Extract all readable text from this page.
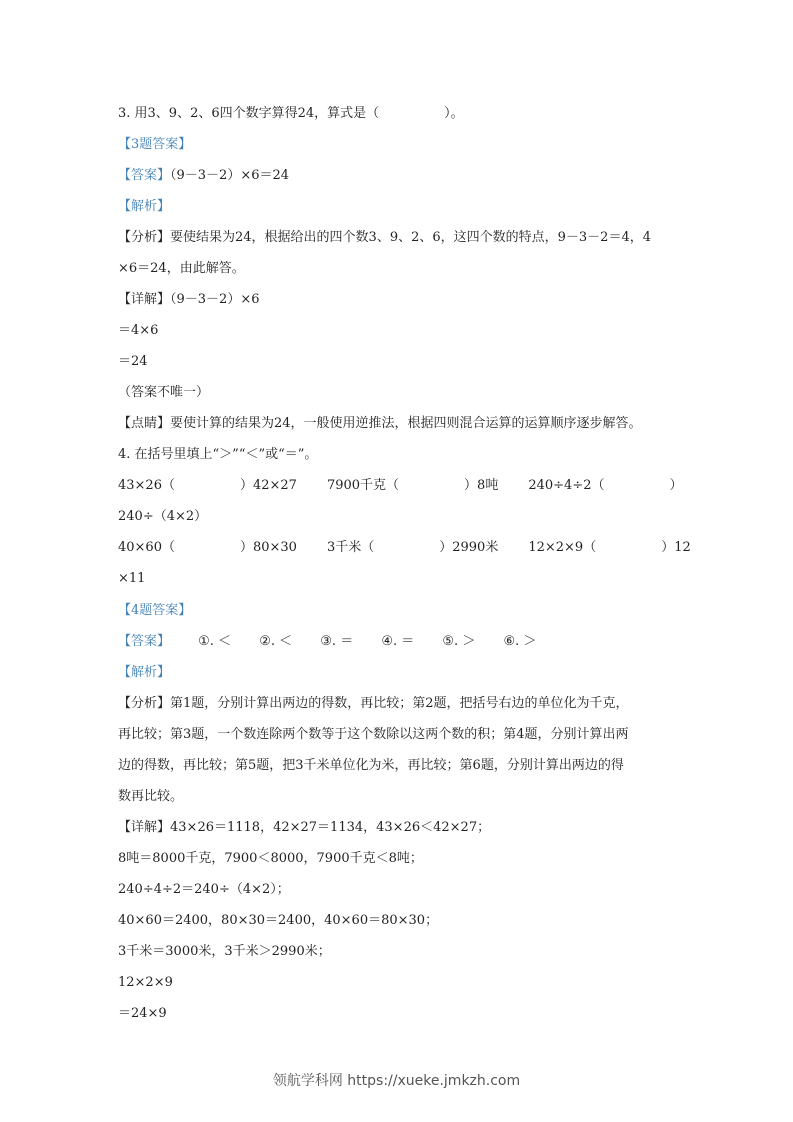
3. 用3、9、2、6四个数字算得24，算式是（　　　　　）。
【3题答案】
【答案】（9－3－2）×6＝24
【解析】
【分析】要使结果为24，根据给出的四个数3、9、2、6，这四个数的特点，9－3－2＝4，4
×6＝24，由此解答。
【详解】（9－3－2）×6
＝4×6
＝24
（答案不唯一）
【点睛】要使计算的结果为24，一般使用逆推法，根据四则混合运算的运算顺序逐步解答。
4. 在括号里填上“＞”“＜”或“＝”。
43×26（　　　　　）42×27 7900千克（　　　　　）8吨 240÷4÷2（　　　　　）
240÷（4×2）
40×60（　　　　　）80×30 3千米（　　　　　）2990米 12×2×9（　　　　　）12
×11
【4题答案】
【答案】 ①. ＜ ②. ＜ ③. ＝ ④. ＝ ⑤. ＞ ⑥. ＞
【解析】
【分析】第1题，分别计算出两边的得数，再比较；第2题，把括号右边的单位化为千克，
再比较；第3题，一个数连除两个数等于这个数除以这两个数的积；第4题，分别计算出两
边的得数，再比较；第5题，把3千米单位化为米，再比较；第6题，分别计算出两边的得
数再比较。
【详解】43×26＝1118，42×27＝1134，43×26＜42×27；
8吨＝8000千克，7900＜8000，7900千克＜8吨；
240÷4÷2＝240÷（4×2）；
40×60＝2400，80×30＝2400，40×60＝80×30；
3千米＝3000米，3千米＞2990米；
12×2×9
＝24×9
领航学科网 https://xueke.jmkzh.com
